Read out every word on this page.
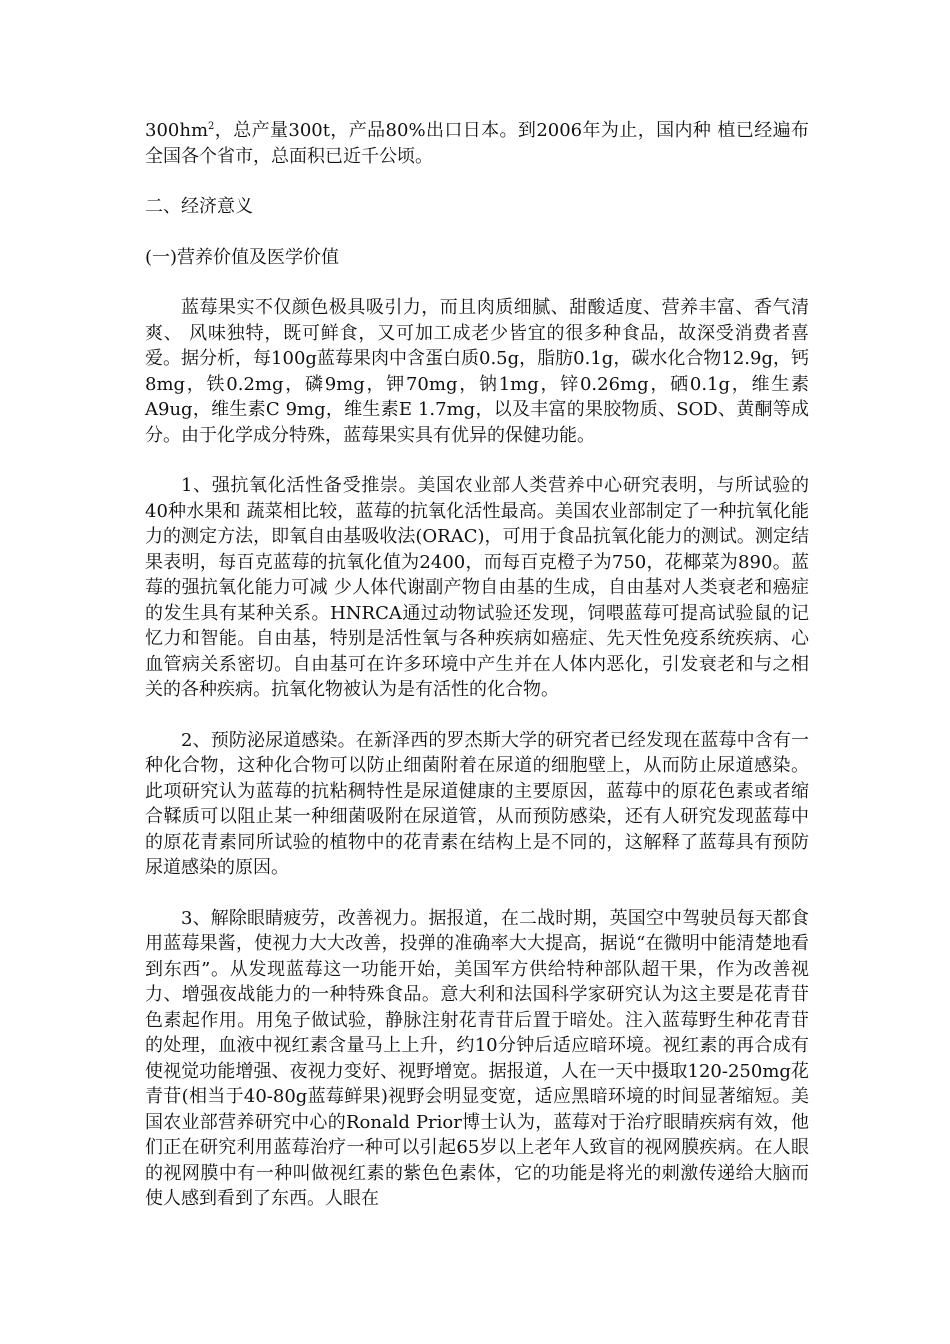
$300hm^2$，总产量300t，产品80%出口日本。到2006年为止，国内种 植已经遍布全国各个省市，总面积已近千公顷。

二、经济意义

(一)营养价值及医学价值

蓝莓果实不仅颜色极具吸引力，而且肉质细腻、甜酸适度、营养丰富、香气清爽、 风味独特，既可鲜食，又可加工成老少皆宜的很多种食品，故深受消费者喜爱。据分析，每100g蓝莓果肉中含蛋白质0.5g，脂肪0.1g，碳水化合物12.9g，钙8mg，铁0.2mg，磷9mg，钾70mg，钠1mg，锌0.26mg，硒0.1g，维生素A9ug，维生素C 9mg，维生素E 1.7mg，以及丰富的果胶物质、SOD、黄酮等成分。由于化学成分特殊，蓝莓果实具有优异的保健功能。

1、强抗氧化活性备受推崇。美国农业部人类营养中心研究表明，与所试验的40种水果和 蔬菜相比较，蓝莓的抗氧化活性最高。美国农业部制定了一种抗氧化能力的测定方法，即氧自由基吸收法(ORAC)，可用于食品抗氧化能力的测试。测定结果表明，每百克蓝莓的抗氧化值为2400，而每百克橙子为750，花椰菜为890。蓝莓的强抗氧化能力可减 少人体代谢副产物自由基的生成，自由基对人类衰老和癌症的发生具有某种关系。HNRCA通过动物试验还发现，饲喂蓝莓可提高试验鼠的记忆力和智能。自由基，特别是活性氧与各种疾病如癌症、先天性免疫系统疾病、心血管病关系密切。自由基可在许多环境中产生并在人体内恶化，引发衰老和与之相关的各种疾病。抗氧化物被认为是有活性的化合物。

2、预防泌尿道感染。在新泽西的罗杰斯大学的研究者已经发现在蓝莓中含有一种化合物，这种化合物可以防止细菌附着在尿道的细胞壁上，从而防止尿道感染。此项研究认为蓝莓的抗粘稠特性是尿道健康的主要原因，蓝莓中的原花色素或者缩合鞣质可以阻止某一种细菌吸附在尿道管，从而预防感染，还有人研究发现蓝莓中的原花青素同所试验的植物中的花青素在结构上是不同的，这解释了蓝莓具有预防尿道感染的原因。

3、解除眼睛疲劳，改善视力。据报道，在二战时期，英国空中驾驶员每天都食用蓝莓果酱，使视力大大改善，投弹的准确率大大提高，据说“在微明中能清楚地看到东西”。从发现蓝莓这一功能开始，美国军方供给特种部队超干果，作为改善视力、增强夜战能力的一种特殊食品。意大利和法国科学家研究认为这主要是花青苷色素起作用。用兔子做试验，静脉注射花青苷后置于暗处。注入蓝莓野生种花青苷的处理，血液中视红素含量马上上升，约10分钟后适应暗环境。视红素的再合成有使视觉功能增强、夜视力变好、视野增宽。据报道，人在一天中摄取120-250mg花青苷(相当于40-80g蓝莓鲜果)视野会明显变宽，适应黑暗环境的时间显著缩短。美国农业部营养研究中心的Ronald Prior博士认为，蓝莓对于治疗眼睛疾病有效，他们正在研究利用蓝莓治疗一种可以引起65岁以上老年人致盲的视网膜疾病。在人眼的视网膜中有一种叫做视红素的紫色色素体，它的功能是将光的刺激传递给大脑而使人感到看到了东西。人眼在
